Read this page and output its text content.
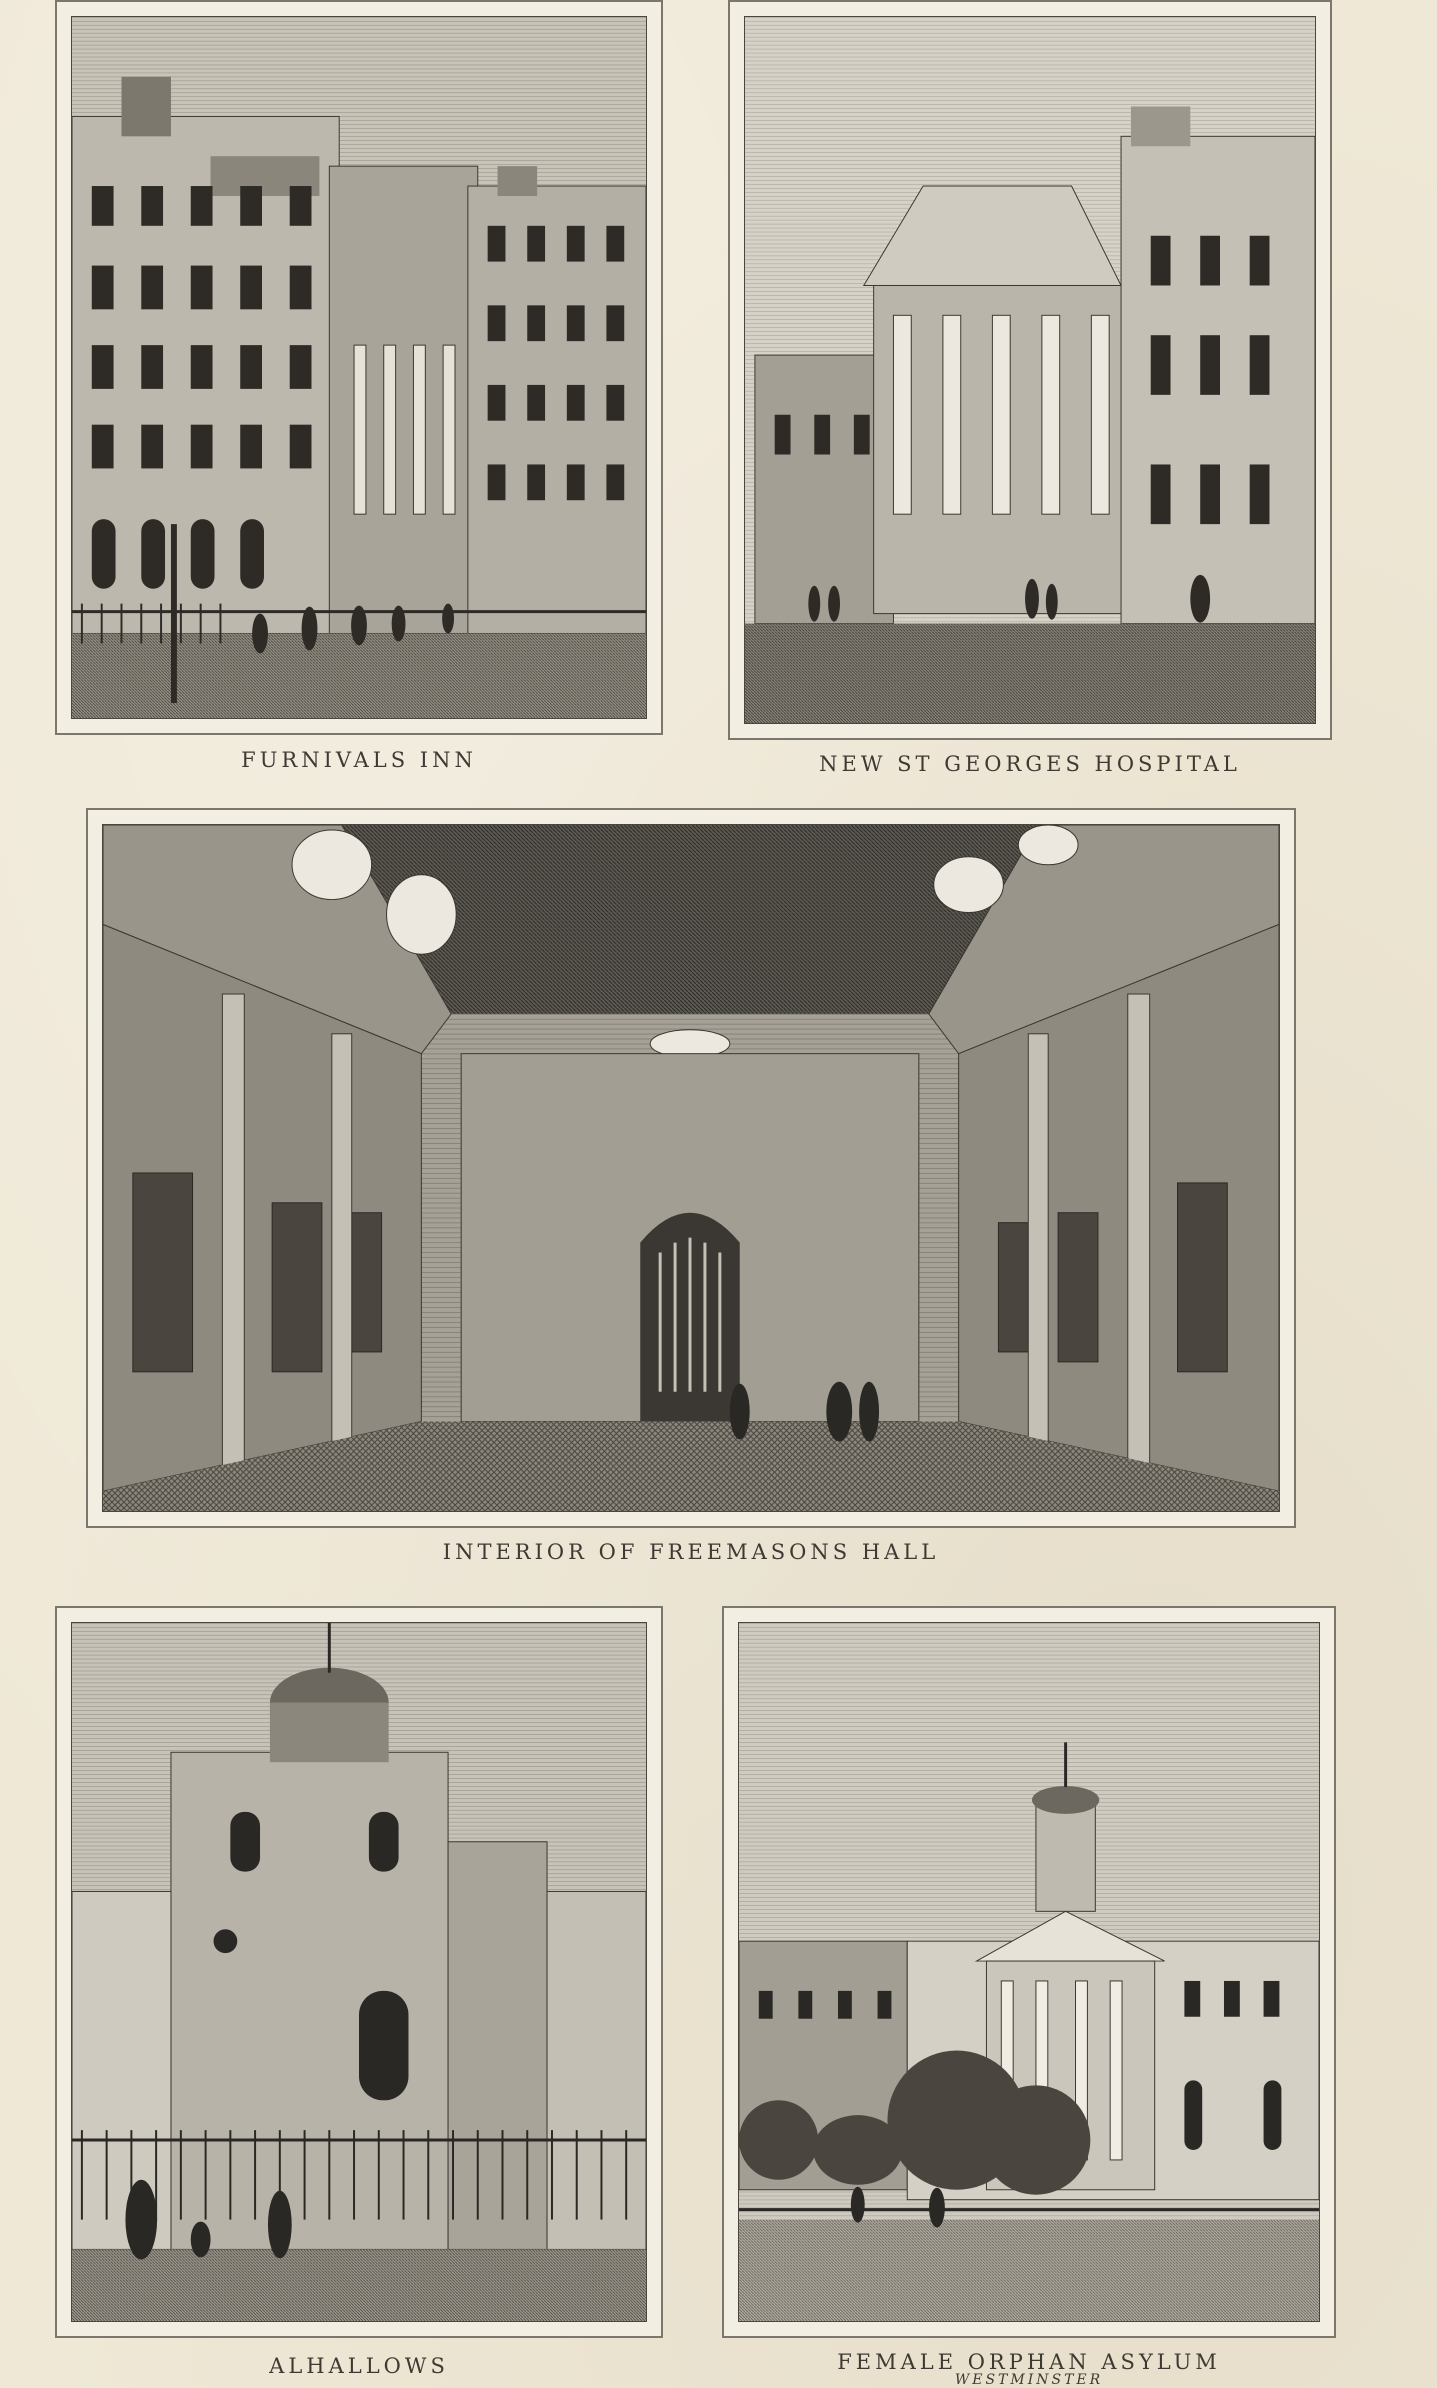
FURNIVALS INN	NEW ST GEORGES HOSPITAL
INTERIOR OF FREEMASONS HALL
ALHALLOWS	FEMALE ORPHAN ASYLUM
WESTMINSTER
